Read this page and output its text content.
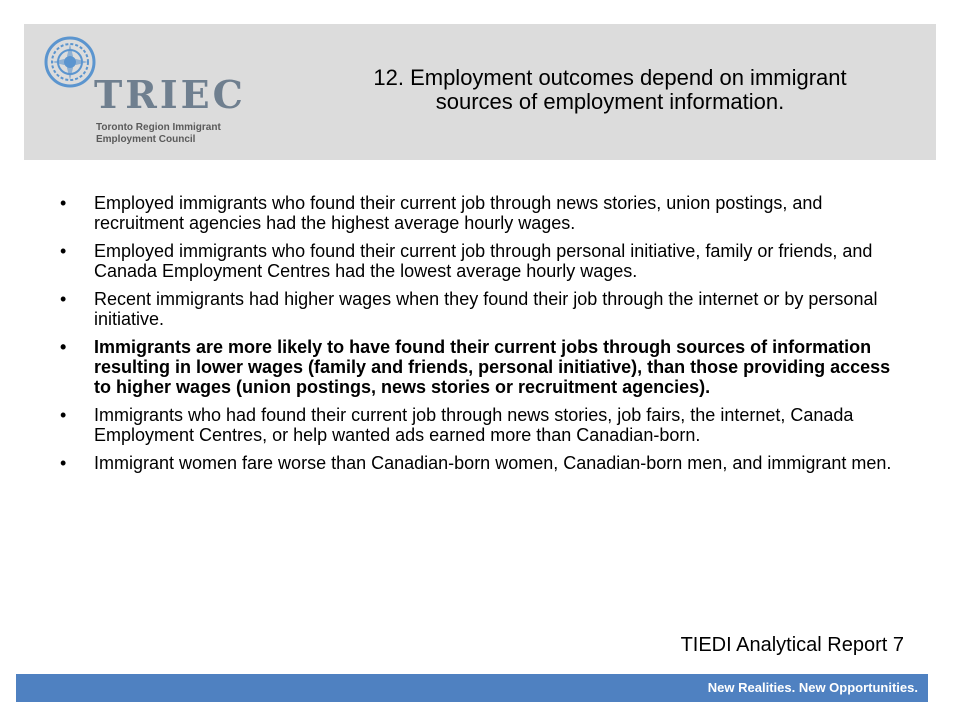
TRIEC
Toronto Region Immigrant
Employment Council
12. Employment outcomes depend on immigrant
sources of employment information.
• Employed immigrants who found their current job through news stories, union postings, and recruitment agencies had the highest average hourly wages.
• Employed immigrants who found their current job through personal initiative, family or friends, and Canada Employment Centres had the lowest average hourly wages.
• Recent immigrants had higher wages when they found their job through the internet or by personal initiative.
• Immigrants are more likely to have found their current jobs through sources of information resulting in lower wages (family and friends, personal initiative), than those providing access to higher wages (union postings, news stories or recruitment agencies).
• Immigrants who had found their current job through news stories, job fairs, the internet, Canada Employment Centres, or help wanted ads earned more than Canadian-born.
• Immigrant women fare worse than Canadian-born women, Canadian-born men, and immigrant men.
TIEDI Analytical Report 7
New Realities. New Opportunities.
